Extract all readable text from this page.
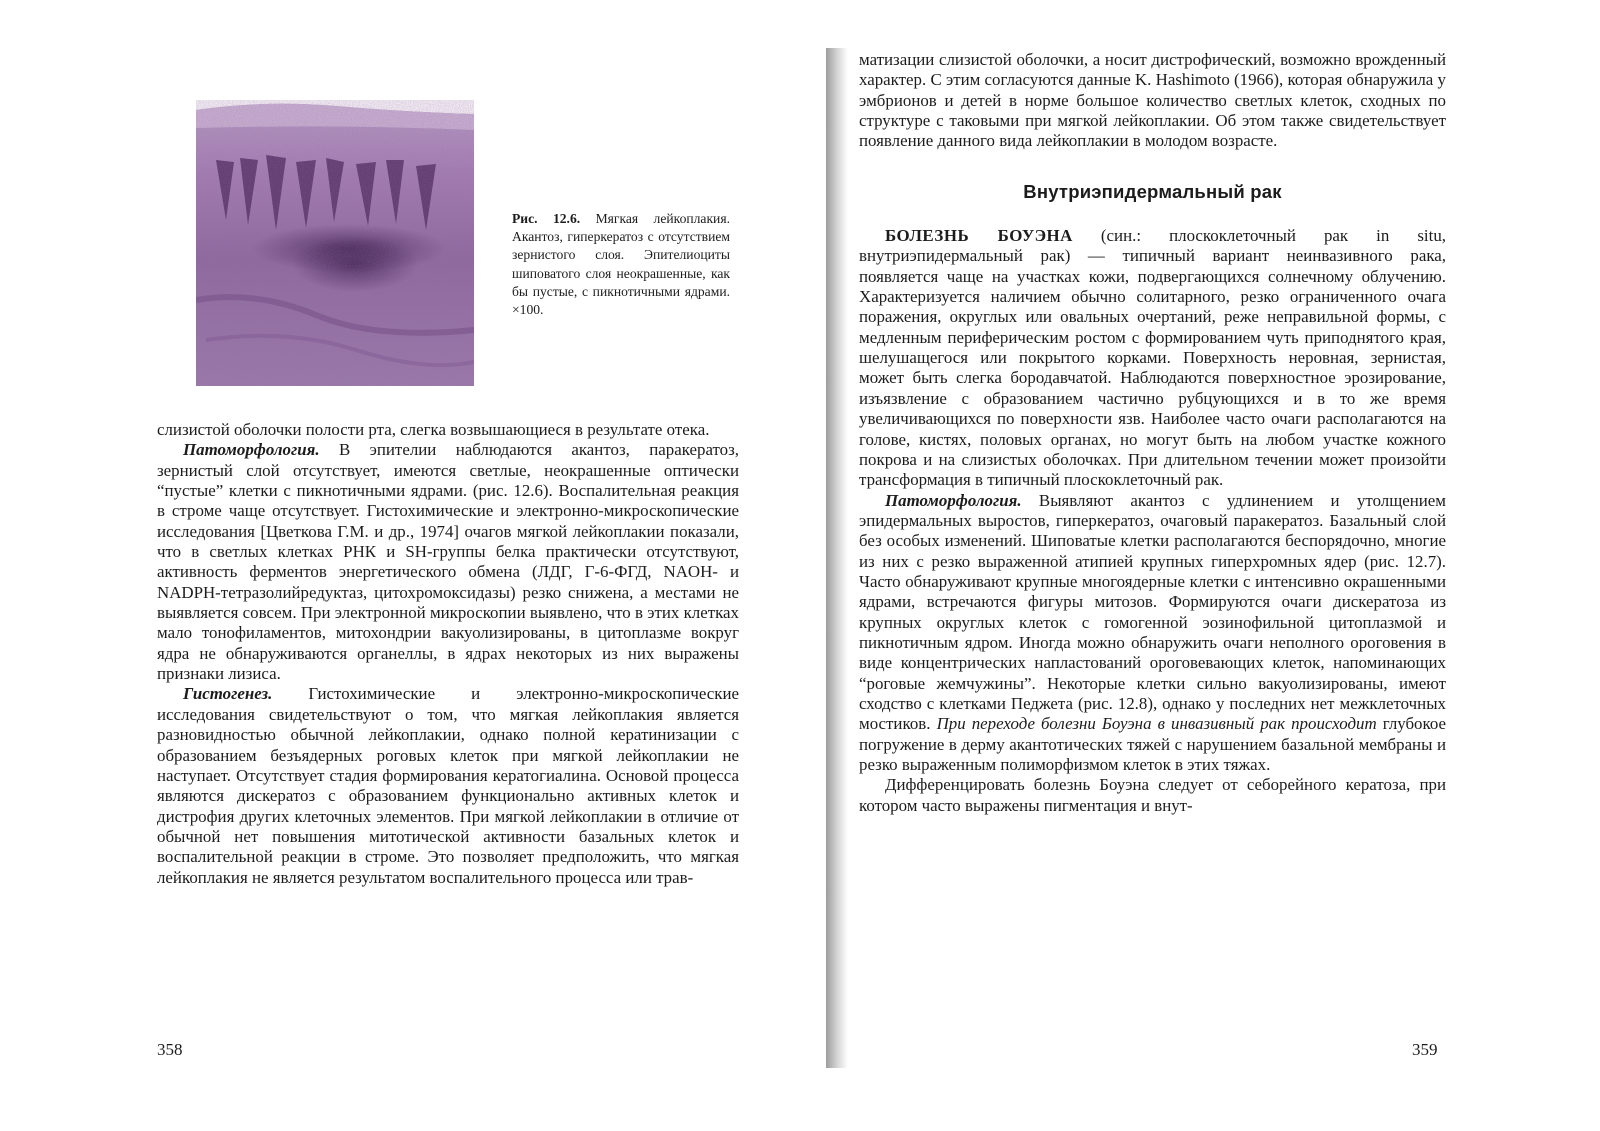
Рис. 12.6. Мягкая лейкоплакия. Акантоз, гиперкератоз с отсутствием зернистого слоя. Эпителиоциты шиповатого слоя неокрашенные, как бы пустые, с пикнотичными ядрами. ×100.

слизистой оболочки полости рта, слегка возвышающиеся в результате отека.

Патоморфология. В эпителии наблюдаются акантоз, паракератоз, зернистый слой отсутствует, имеются светлые, неокрашенные оптически “пустые” клетки с пикнотичными ядрами. (рис. 12.6). Воспалительная реакция в строме чаще отсутствует. Гистохимические и электронно-микроскопические исследования [Цветкова Г.М. и др., 1974] очагов мягкой лейкоплакии показали, что в светлых клетках РНК и SH-группы белка практически отсутствуют, активность ферментов энергетического обмена (ЛДГ, Г-6-ФГД, NAOH- и NADPH-тетразолийредуктаз, цитохромоксидазы) резко снижена, а местами не выявляется совсем. При электронной микроскопии выявлено, что в этих клетках мало тонофиламентов, митохондрии вакуолизированы, в цитоплазме вокруг ядра не обнаруживаются органеллы, в ядрах некоторых из них выражены признаки лизиса.

Гистогенез. Гистохимические и электронно-микроскопические исследования свидетельствуют о том, что мягкая лейкоплакия является разновидностью обычной лейкоплакии, однако полной кератинизации с образованием безъядерных роговых клеток при мягкой лейкоплакии не наступает. Отсутствует стадия формирования кератогиалина. Основой процесса являются дискератоз с образованием функционально активных клеток и дистрофия других клеточных элементов. При мягкой лейкоплакии в отличие от обычной нет повышения митотической активности базальных клеток и воспалительной реакции в строме. Это позволяет предположить, что мягкая лейкоплакия не является результатом воспалительного процесса или трав-

358

матизации слизистой оболочки, а носит дистрофический, возможно врожденный характер. С этим согласуются данные K. Hashimoto (1966), которая обнаружила у эмбрионов и детей в норме большое количество светлых клеток, сходных по структуре с таковыми при мягкой лейкоплакии. Об этом также свидетельствует появление данного вида лейкоплакии в молодом возрасте.

Внутриэпидермальный рак

БОЛЕЗНЬ БОУЭНА (син.: плоскоклеточный рак in situ, внутриэпидермальный рак) — типичный вариант неинвазивного рака, появляется чаще на участках кожи, подвергающихся солнечному облучению. Характеризуется наличием обычно солитарного, резко ограниченного очага поражения, округлых или овальных очертаний, реже неправильной формы, с медленным периферическим ростом с формированием чуть приподнятого края, шелушащегося или покрытого корками. Поверхность неровная, зернистая, может быть слегка бородавчатой. Наблюдаются поверхностное эрозирование, изъязвление с образованием частично рубцующихся и в то же время увеличивающихся по поверхности язв. Наиболее часто очаги располагаются на голове, кистях, половых органах, но могут быть на любом участке кожного покрова и на слизистых оболочках. При длительном течении может произойти трансформация в типичный плоскоклеточный рак.

Патоморфология. Выявляют акантоз с удлинением и утолщением эпидермальных выростов, гиперкератоз, очаговый паракератоз. Базальный слой без особых изменений. Шиповатые клетки располагаются беспорядочно, многие из них с резко выраженной атипией крупных гиперхромных ядер (рис. 12.7). Часто обнаруживают крупные многоядерные клетки с интенсивно окрашенными ядрами, встречаются фигуры митозов. Формируются очаги дискератоза из крупных округлых клеток с гомогенной эозинофильной цитоплазмой и пикнотичным ядром. Иногда можно обнаружить очаги неполного ороговения в виде концентрических напластований ороговевающих клеток, напоминающих “роговые жемчужины”. Некоторые клетки сильно вакуолизированы, имеют сходство с клетками Педжета (рис. 12.8), однако у последних нет межклеточных мостиков. При переходе болезни Боуэна в инвазивный рак происходит глубокое погружение в дерму акантотических тяжей с нарушением базальной мембраны и резко выраженным полиморфизмом клеток в этих тяжах.

Дифференцировать болезнь Боуэна следует от себорейного кератоза, при котором часто выражены пигментация и внут-

359
